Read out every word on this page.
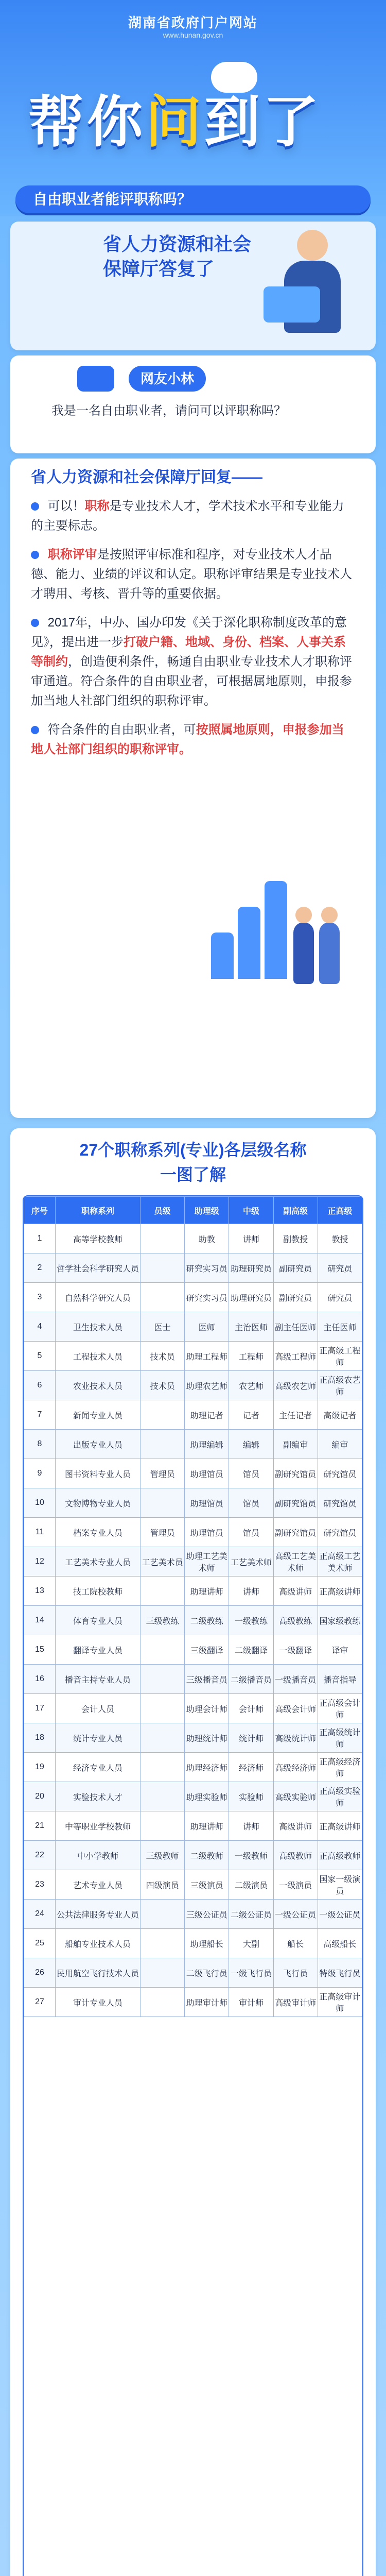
湖南省政府门户网站
www.hunan.gov.cn
帮你问到了
自由职业者能评职称吗？
省人力资源和社会
保障厅答复了
网友小林
我是一名自由职业者，请问可以评职称吗？
省人力资源和社会保障厅回复——

可以！职称是专业技术人才，学术技术水平和专业能力的主要标志。

职称评审是按照评审标准和程序，对专业技术人才品德、能力、业绩的评议和认定。职称评审结果是专业技术人才聘用、考核、晋升等的重要依据。

2017年，中办、国办印发《关于深化职称制度改革的意见》，提出进一步打破户籍、地域、身份、档案、人事关系等制约，创造便利条件，畅通自由职业专业技术人才职称评审通道。符合条件的自由职业者，可根据属地原则，申报参加当地人社部门组织的职称评审。

符合条件的自由职业者，可按照属地原则，申报参加当地人社部门组织的职称评审。

27个职称系列(专业)各层级名称
一图了解
序号	职称系列	员级	助理级	中级	副高级	正高级
1	高等学校教师		助教	讲师	副教授	教授
2	哲学社会科学研究人员		研究实习员	助理研究员	副研究员	研究员
3	自然科学研究人员		研究实习员	助理研究员	副研究员	研究员
4	卫生技术人员	医士	医师	主治医师	副主任医师	主任医师
5	工程技术人员	技术员	助理工程师	工程师	高级工程师	正高级工程师
6	农业技术人员	技术员	助理农艺师	农艺师	高级农艺师	正高级农艺师
7	新闻专业人员		助理记者	记者	主任记者	高级记者
8	出版专业人员		助理编辑	编辑	副编审	编审
9	图书资料专业人员	管理员	助理馆员	馆员	副研究馆员	研究馆员
10	文物博物专业人员		助理馆员	馆员	副研究馆员	研究馆员
11	档案专业人员	管理员	助理馆员	馆员	副研究馆员	研究馆员
12	工艺美术专业人员	工艺美术员	助理工艺美术师	工艺美术师	高级工艺美术师	正高级工艺美术师
13	技工院校教师		助理讲师	讲师	高级讲师	正高级讲师
14	体育专业人员	三级教练	二级教练	一级教练	高级教练	国家级教练
15	翻译专业人员		三级翻译	二级翻译	一级翻译	译审
16	播音主持专业人员		三级播音员	二级播音员	一级播音员	播音指导
17	会计人员		助理会计师	会计师	高级会计师	正高级会计师
18	统计专业人员		助理统计师	统计师	高级统计师	正高级统计师
19	经济专业人员		助理经济师	经济师	高级经济师	正高级经济师
20	实验技术人才		助理实验师	实验师	高级实验师	正高级实验师
21	中等职业学校教师		助理讲师	讲师	高级讲师	正高级讲师
22	中小学教师	三级教师	二级教师	一级教师	高级教师	正高级教师
23	艺术专业人员	四级演员	三级演员	二级演员	一级演员	国家一级演员
24	公共法律服务专业人员		三级公证员	二级公证员	一级公证员	一级公证员
25	船舶专业技术人员		助理船长	大副	船长	高级船长
26	民用航空飞行技术人员		二级飞行员	一级飞行员	飞行员	特级飞行员
27	审计专业人员		助理审计师	审计师	高级审计师	正高级审计师
